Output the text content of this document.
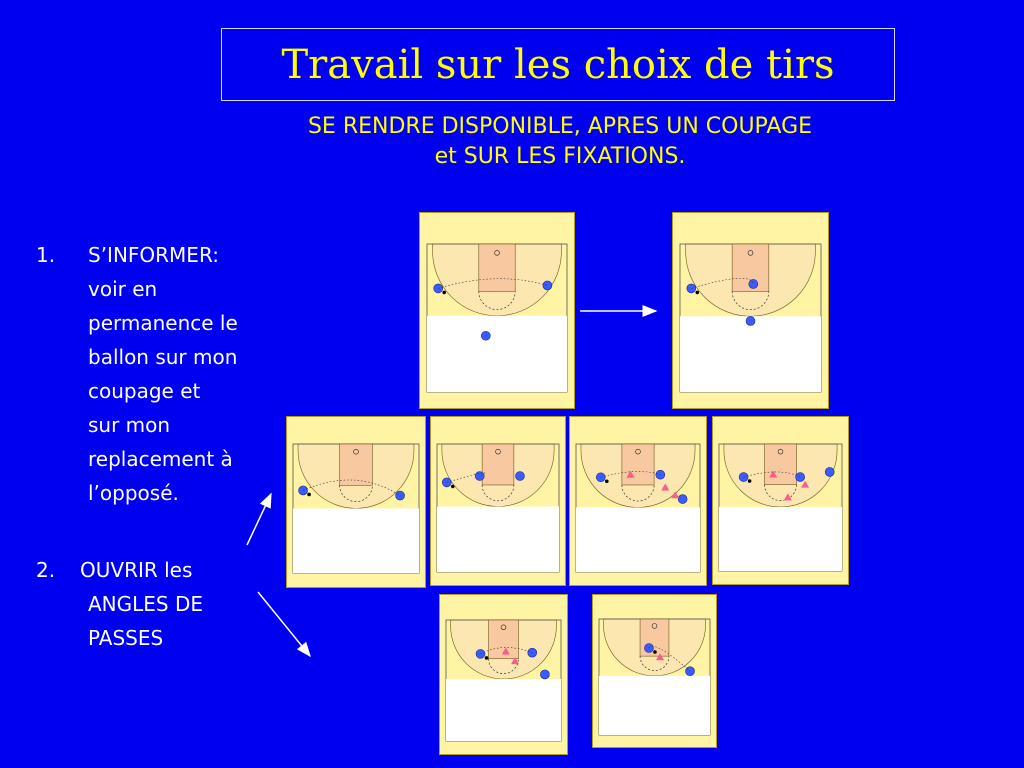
Travail sur les choix de tirs
SE RENDRE DISPONIBLE, APRES UN COUPAGE
et SUR LES FIXATIONS.
1. S’INFORMER:
voir en
permanence le
ballon sur mon
coupage et
sur mon
replacement à
l’opposé.
2. OUVRIR les
ANGLES DE
PASSES
